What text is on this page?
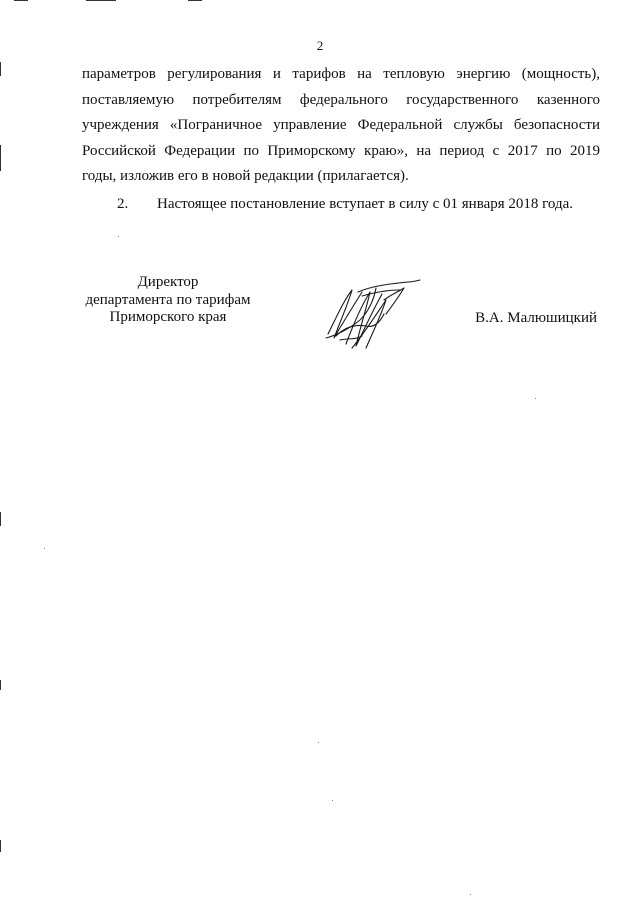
2
параметров регулирования и тарифов на тепловую энергию (мощность),
поставляемую потребителям федерального государственного казенного
учреждения «Пограничное управление Федеральной службы безопасности
Российской Федерации по Приморскому краю», на период с 2017 по 2019
годы, изложив его в новой редакции (прилагается).
2. Настоящее постановление вступает в силу с 01 января 2018 года.
Директор
департамента по тарифам
Приморского края	В.А. Малюшицкий
